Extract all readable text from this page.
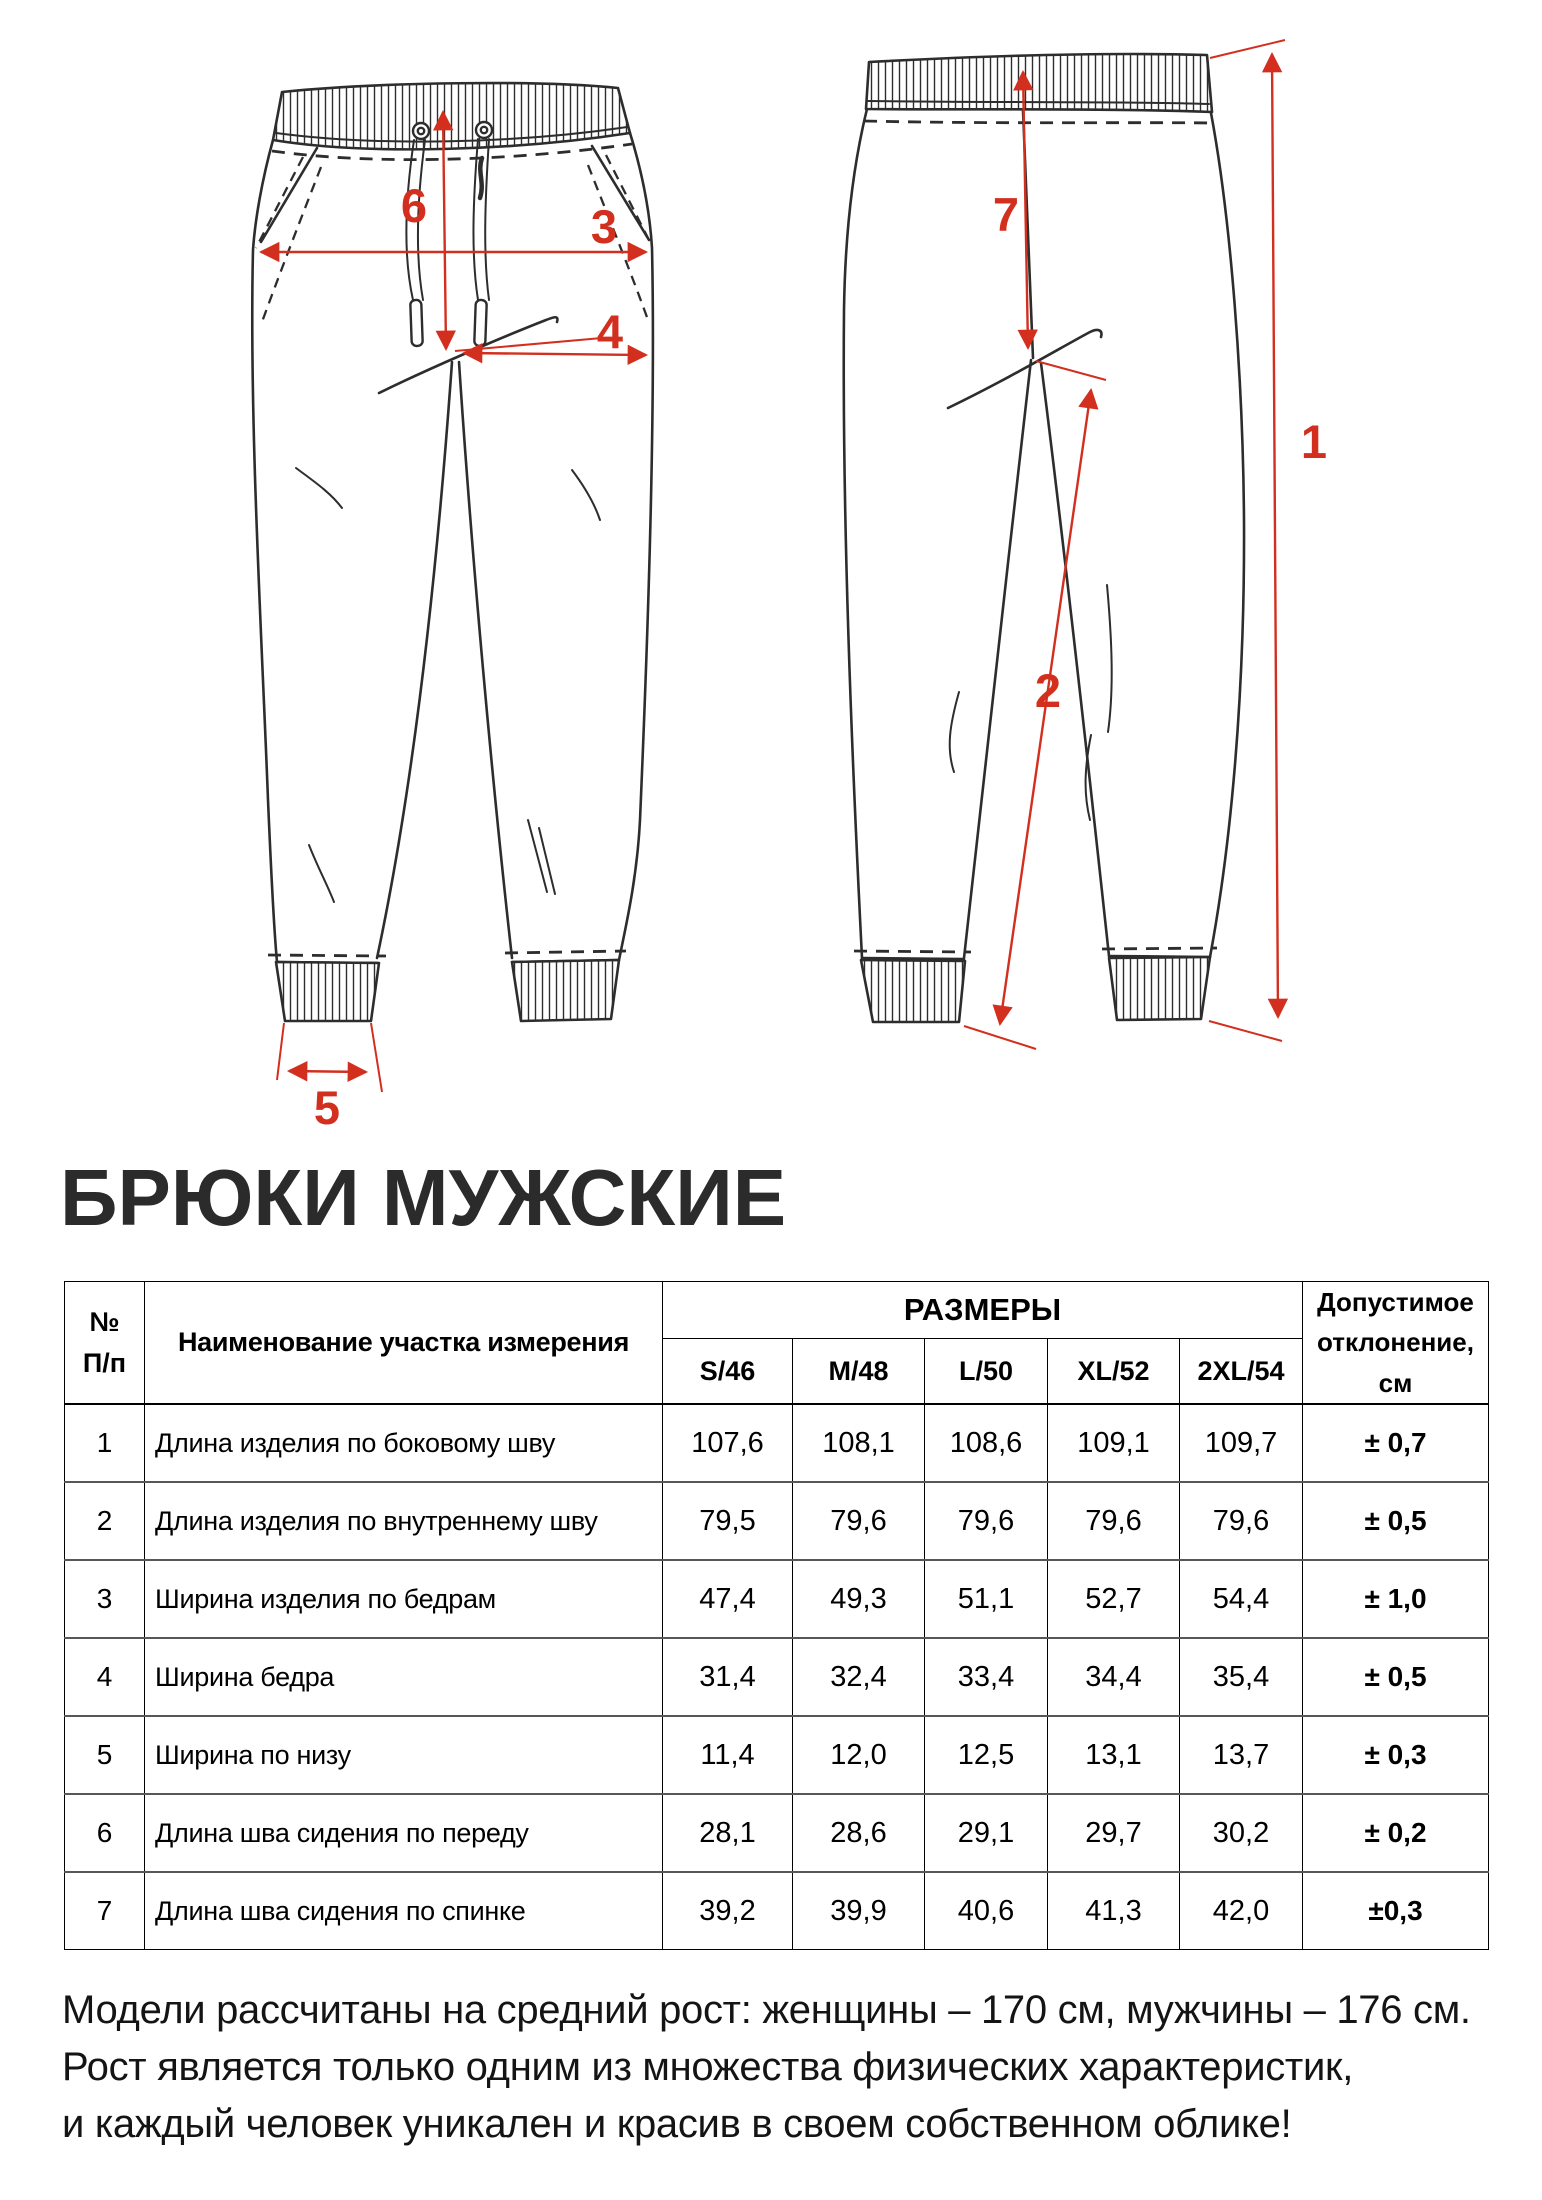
6	3
4
5
7
2
1
БРЮКИ МУЖСКИЕ
№
П/п	Наименование участка измерения	РАЗМЕРЫ					Допустимое отклонение, см
		S/46	M/48	L/50	XL/52	2XL/54	
1	Длина изделия по боковому шву	107,6	108,1	108,6	109,1	109,7	± 0,7
2	Длина изделия по внутреннему шву	79,5	79,6	79,6	79,6	79,6	± 0,5
3	Ширина изделия по бедрам	47,4	49,3	51,1	52,7	54,4	± 1,0
4	Ширина бедра	31,4	32,4	33,4	34,4	35,4	± 0,5
5	Ширина по низу	11,4	12,0	12,5	13,1	13,7	± 0,3
6	Длина шва сидения по переду	28,1	28,6	29,1	29,7	30,2	± 0,2
7	Длина шва сидения по спинке	39,2	39,9	40,6	41,3	42,0	±0,3
Модели рассчитаны на средний рост: женщины – 170 см, мужчины – 176 см.
Рост является только одним из множества физических характеристик,
и каждый человек уникален и красив в своем собственном облике!
